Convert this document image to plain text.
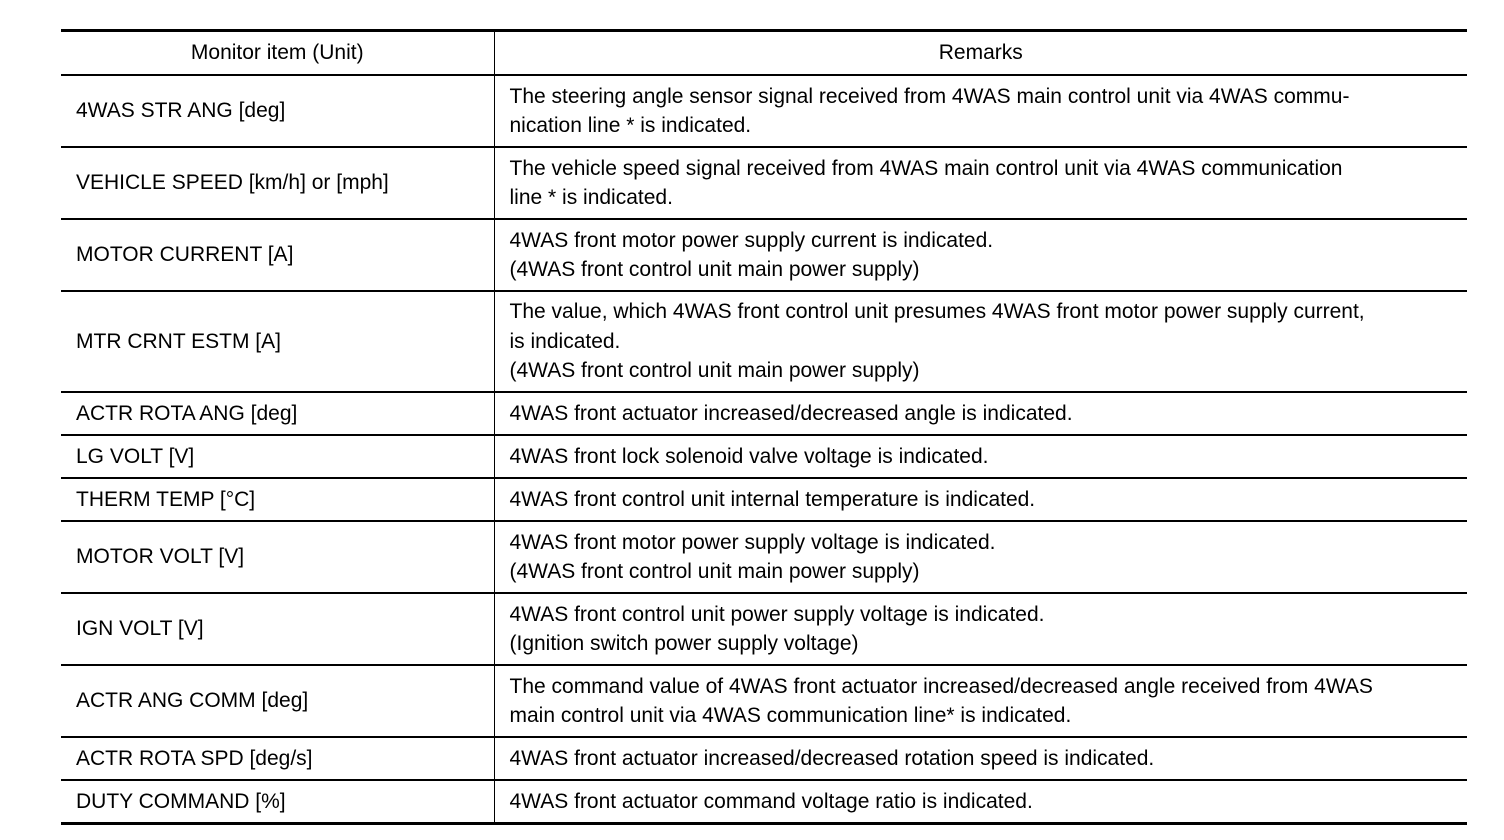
Monitor item (Unit)	Remarks
4WAS STR ANG [deg]	The steering angle sensor signal received from 4WAS main control unit via 4WAS commu-
nication line * is indicated.
VEHICLE SPEED [km/h] or [mph]	The vehicle speed signal received from 4WAS main control unit via 4WAS communication
line * is indicated.
MOTOR CURRENT [A]	4WAS front motor power supply current is indicated.
(4WAS front control unit main power supply)
MTR CRNT ESTM [A]	The value, which 4WAS front control unit presumes 4WAS front motor power supply current,
is indicated.
(4WAS front control unit main power supply)
ACTR ROTA ANG [deg]	4WAS front actuator increased/decreased angle is indicated.
LG VOLT [V]	4WAS front lock solenoid valve voltage is indicated.
THERM TEMP [°C]	4WAS front control unit internal temperature is indicated.
MOTOR VOLT [V]	4WAS front motor power supply voltage is indicated.
(4WAS front control unit main power supply)
IGN VOLT [V]	4WAS front control unit power supply voltage is indicated.
(Ignition switch power supply voltage)
ACTR ANG COMM [deg]	The command value of 4WAS front actuator increased/decreased angle received from 4WAS
main control unit via 4WAS communication line* is indicated.
ACTR ROTA SPD [deg/s]	4WAS front actuator increased/decreased rotation speed is indicated.
DUTY COMMAND [%]	4WAS front actuator command voltage ratio is indicated.
